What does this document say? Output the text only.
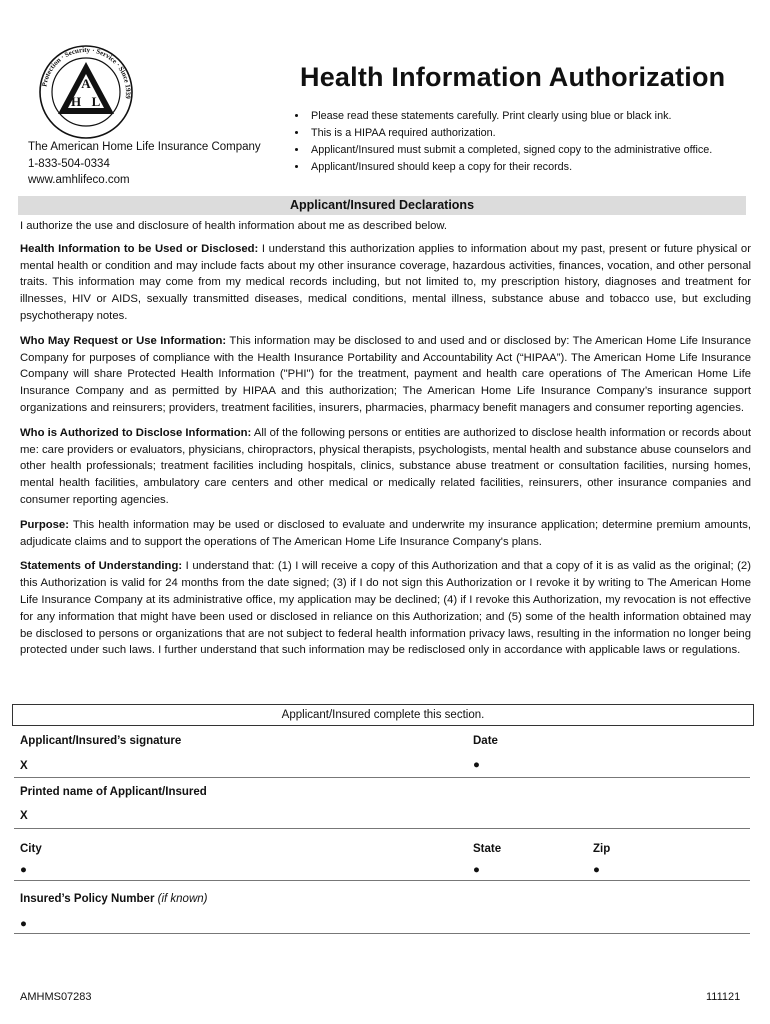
Protection · Security · Service · Since 1939
A
H L
Health Information Authorization
The American Home Life Insurance Company
1-833-504-0334
www.amhlifeco.com
• Please read these statements carefully. Print clearly using blue or black ink.
• This is a HIPAA required authorization.
• Applicant/Insured must submit a completed, signed copy to the administrative office.
• Applicant/Insured should keep a copy for their records.
Applicant/Insured Declarations

I authorize the use and disclosure of health information about me as described below.

Health Information to be Used or Disclosed: I understand this authorization applies to information about my past, present or future physical or mental health or condition and may include facts about my other insurance coverage, hazardous activities, finances, vocation, and other personal traits. This information may come from my medical records including, but not limited to, my prescription history, diagnoses and treatment for illnesses, HIV or AIDS, sexually transmitted diseases, medical conditions, mental illness, substance abuse and tobacco use, but excluding psychotherapy notes.

Who May Request or Use Information: This information may be disclosed to and used and or disclosed by: The American Home Life Insurance Company for purposes of compliance with the Health Insurance Portability and Accountability Act (“HIPAA”). The American Home Life Insurance Company will share Protected Health Information ("PHI") for the treatment, payment and health care operations of The American Home Life Insurance Company and as permitted by HIPAA and this authorization; The American Home Life Insurance Company’s insurance support organizations and reinsurers; providers, treatment facilities, insurers, pharmacies, pharmacy benefit managers and consumer reporting agencies.

Who is Authorized to Disclose Information: All of the following persons or entities are authorized to disclose health information or records about me: care providers or evaluators, physicians, chiropractors, physical therapists, psychologists, mental health and substance abuse counselors and other health professionals; treatment facilities including hospitals, clinics, substance abuse treatment or consultation facilities, nursing homes, mental health facilities, ambulatory care centers and other medical or medically related facilities, reinsurers, other insurance companies and consumer reporting agencies.

Purpose: This health information may be used or disclosed to evaluate and underwrite my insurance application; determine premium amounts, adjudicate claims and to support the operations of The American Home Life Insurance Company's plans.

Statements of Understanding: I understand that: (1) I will receive a copy of this Authorization and that a copy of it is as valid as the original; (2) this Authorization is valid for 24 months from the date signed; (3) if I do not sign this Authorization or I revoke it by writing to The American Home Life Insurance Company at its administrative office, my application may be declined; (4) if I revoke this Authorization, my revocation is not effective for any information that might have been used or disclosed in reliance on this Authorization; and (5) some of the health information obtained may be disclosed to persons or organizations that are not subject to federal health information privacy laws, resulting in the information no longer being protected under such laws. I further understand that such information may be redisclosed only in accordance with applicable laws or regulations.

Applicant/Insured complete this section.
Applicant/Insured’s signature	Date
X	●
Printed name of Applicant/Insured
X
City	State	Zip
●	●	●
Insured’s Policy Number (if known)
●
AMHMS07283	111121
